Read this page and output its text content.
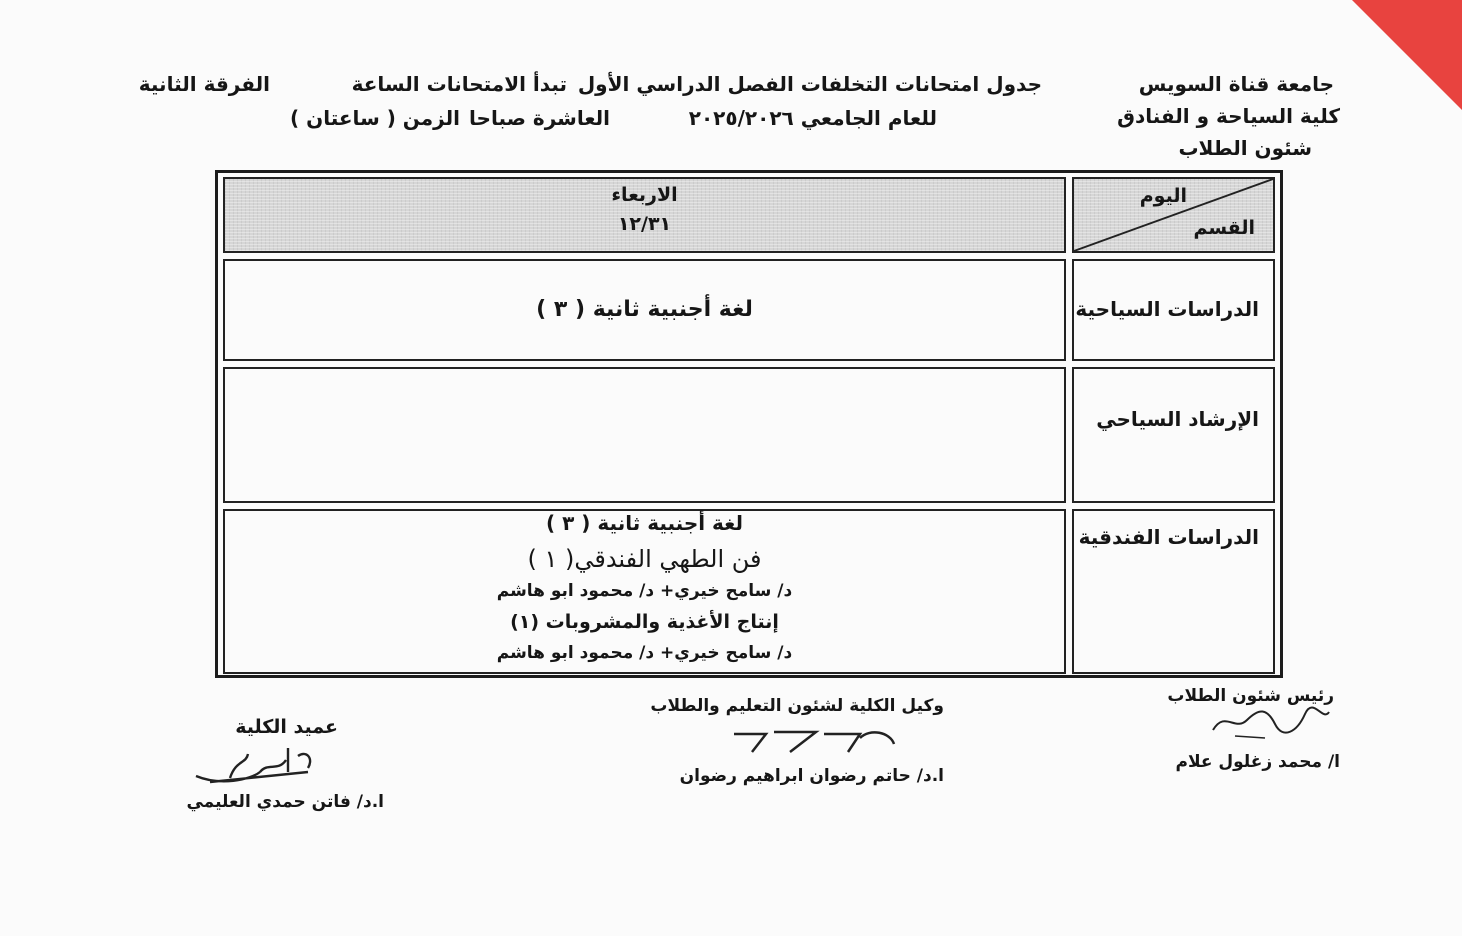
جامعة قناة السويس
كلية السياحة و الفنادق
شئون الطلاب
جدول امتحانات التخلفات الفصل الدراسي الأول
للعام الجامعي ٢٠٢٥/٢٠٢٦
تبدأ الامتحانات الساعة
العاشرة صباحا
الزمن ( ساعتان )
الفرقة الثانية
الاربعاء
١٢/٣١
اليوم
القسم
لغة أجنبية ثانية ( ٣ )	الدراسات السياحية
الإرشاد السياحي
لغة أجنبية ثانية ( ٣ )
فن الطهي الفندقي( ١ )
د/ سامح خيري+ د/ محمود ابو هاشم
إنتاج الأغذية والمشروبات (١)
د/ سامح خيري+ د/ محمود ابو هاشم
الدراسات الفندقية
رئيس شئون الطلاب
ا/ محمد زغلول علام
وكيل الكلية لشئون التعليم والطلاب
ا.د/ حاتم رضوان ابراهيم رضوان
عميد الكلية
ا.د/ فاتن حمدي العليمي
